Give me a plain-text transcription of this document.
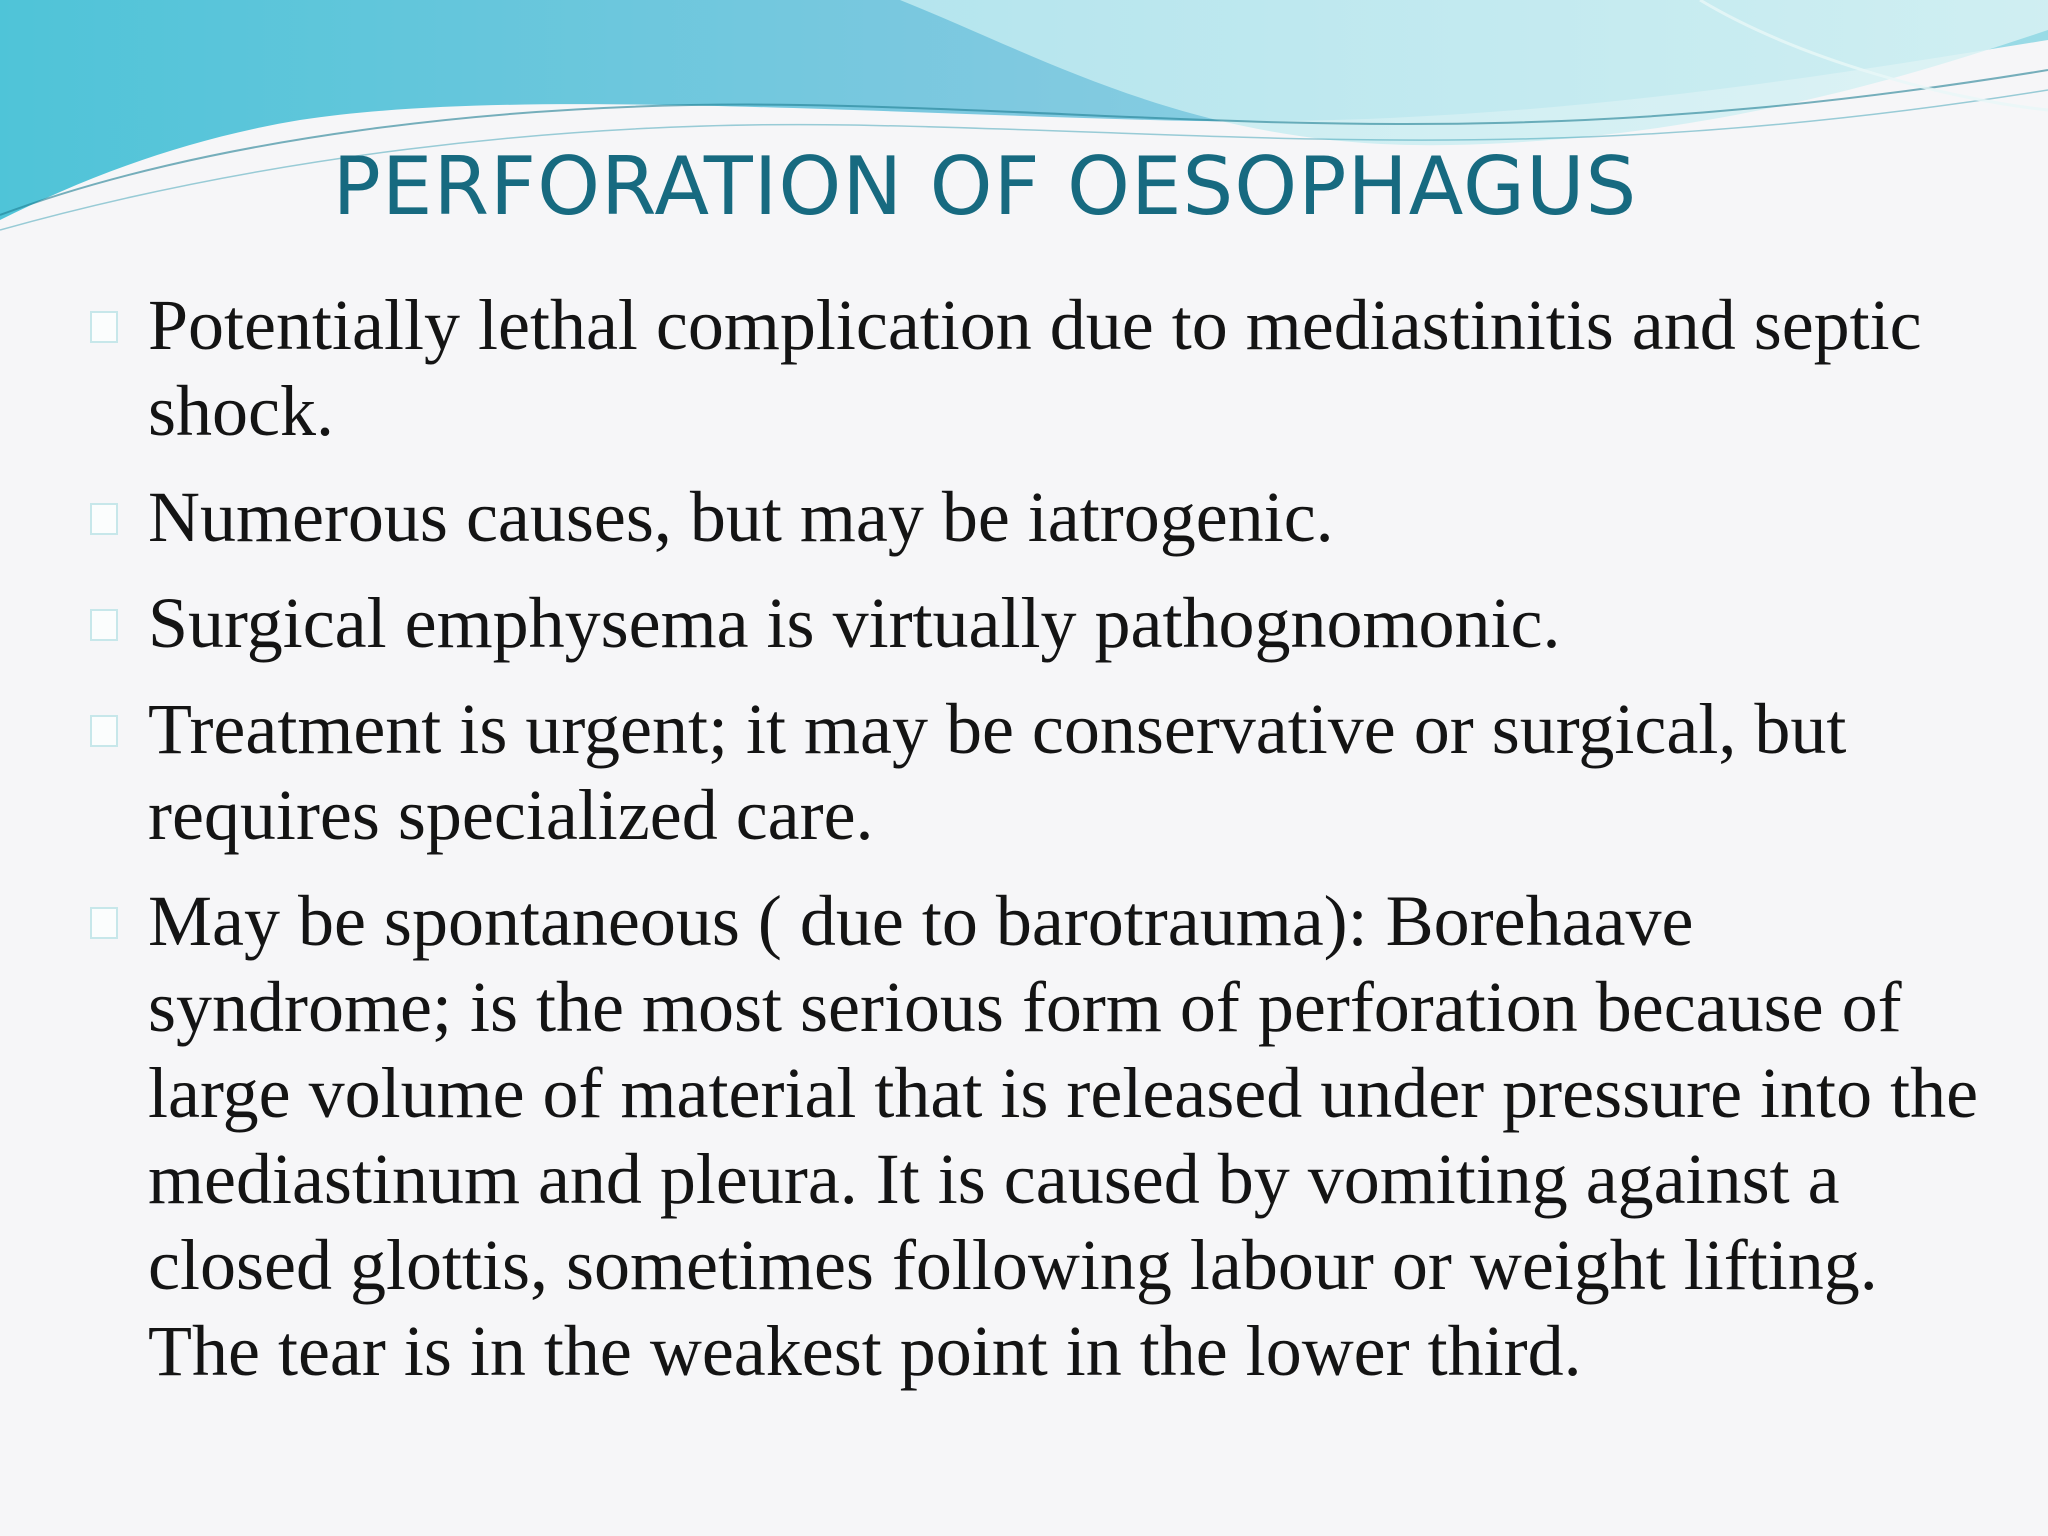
PERFORATION OF OESOPHAGUS
Potentially lethal complication due to mediastinitis and septic shock.
Numerous causes, but may be iatrogenic.
Surgical emphysema is virtually pathognomonic.
Treatment is urgent; it may be conservative or surgical, but requires specialized care.
May be spontaneous ( due to barotrauma): Borehaave syndrome; is the most serious form of perforation because of large volume of material that is released under pressure into the mediastinum and pleura. It is caused by vomiting against a closed glottis, sometimes following labour or weight lifting. The tear is in the weakest point in the lower third.
